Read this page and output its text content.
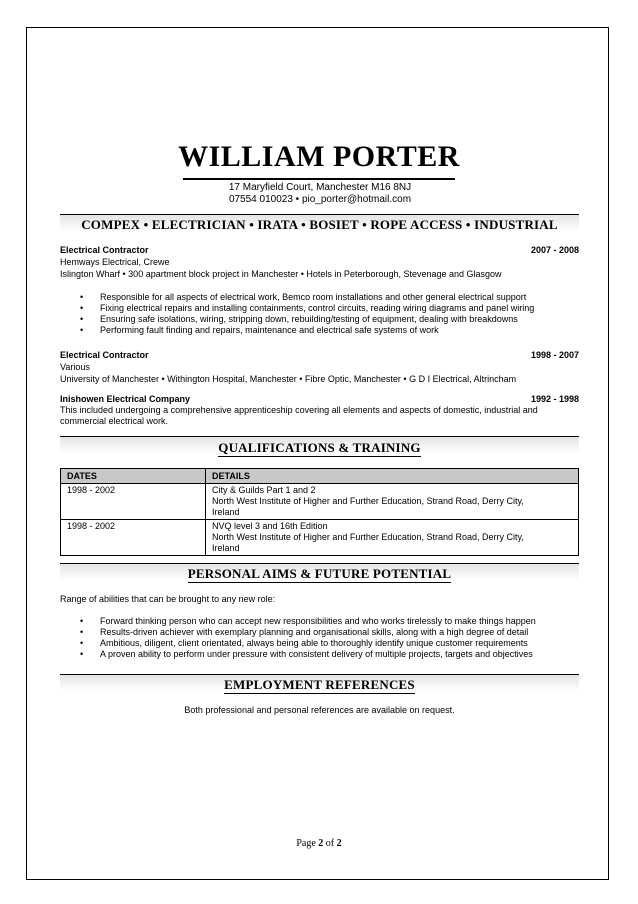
WILLIAM PORTER
17 Maryfield Court, Manchester M16 8NJ
07554 010023 • pio_porter@hotmail.com
COMPEX • ELECTRICIAN • IRATA • BOSIET • ROPE ACCESS • INDUSTRIAL
Electrical Contractor	2007 - 2008
Hemways Electrical, Crewe
Islington Wharf • 300 apartment block project in Manchester • Hotels in Peterborough, Stevenage and Glasgow
• Responsible for all aspects of electrical work, Bemco room installations and other general electrical support
• Fixing electrical repairs and installing containments, control circuits, reading wiring diagrams and panel wiring
• Ensuring safe isolations, wiring, stripping down, rebuilding/testing of equipment, dealing with breakdowns
• Performing fault finding and repairs, maintenance and electrical safe systems of work
Electrical Contractor	1998 - 2007
Various
University of Manchester • Withington Hospital, Manchester • Fibre Optic, Manchester • G D I Electrical, Altrincham
Inishowen Electrical Company	1992 - 1998
This included undergoing a comprehensive apprenticeship covering all elements and aspects of domestic, industrial and commercial electrical work.
QUALIFICATIONS & TRAINING
DATES	DETAILS
1998 - 2002	City & Guilds Part 1 and 2
North West Institute of Higher and Further Education, Strand Road, Derry City,
Ireland

1998 - 2002	NVQ level 3 and 16th Edition
North West Institute of Higher and Further Education, Strand Road, Derry City,
Ireland
PERSONAL AIMS & FUTURE POTENTIAL
Range of abilities that can be brought to any new role:
• Forward thinking person who can accept new responsibilities and who works tirelessly to make things happen
• Results-driven achiever with exemplary planning and organisational skills, along with a high degree of detail
• Ambitious, diligent, client orientated, always being able to thoroughly identify unique customer requirements
• A proven ability to perform under pressure with consistent delivery of multiple projects, targets and objectives
EMPLOYMENT REFERENCES
Both professional and personal references are available on request.
Page 2 of 2
